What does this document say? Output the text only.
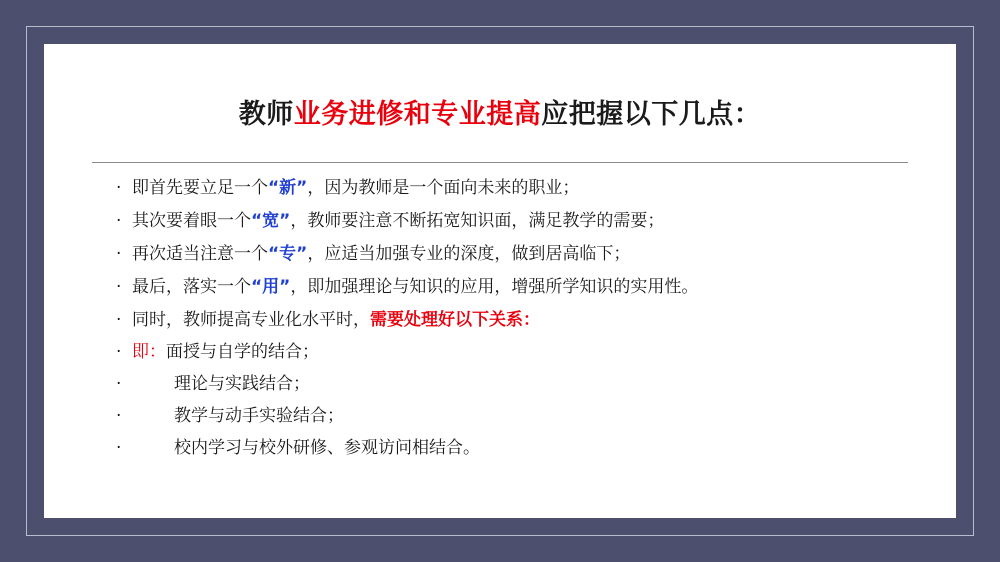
教师业务进修和专业提高应把握以下几点：
· 即首先要立足一个“新”，因为教师是一个面向未来的职业；
· 其次要着眼一个“宽”，教师要注意不断拓宽知识面，满足教学的需要；
· 再次适当注意一个“专”，应适当加强专业的深度，做到居高临下；
· 最后，落实一个“用”，即加强理论与知识的应用，增强所学知识的实用性。
· 同时，教师提高专业化水平时，需要处理好以下关系：
· 即：面授与自学的结合；
·	理论与实践结合；
·	教学与动手实验结合；
·	校内学习与校外研修、参观访问相结合。
